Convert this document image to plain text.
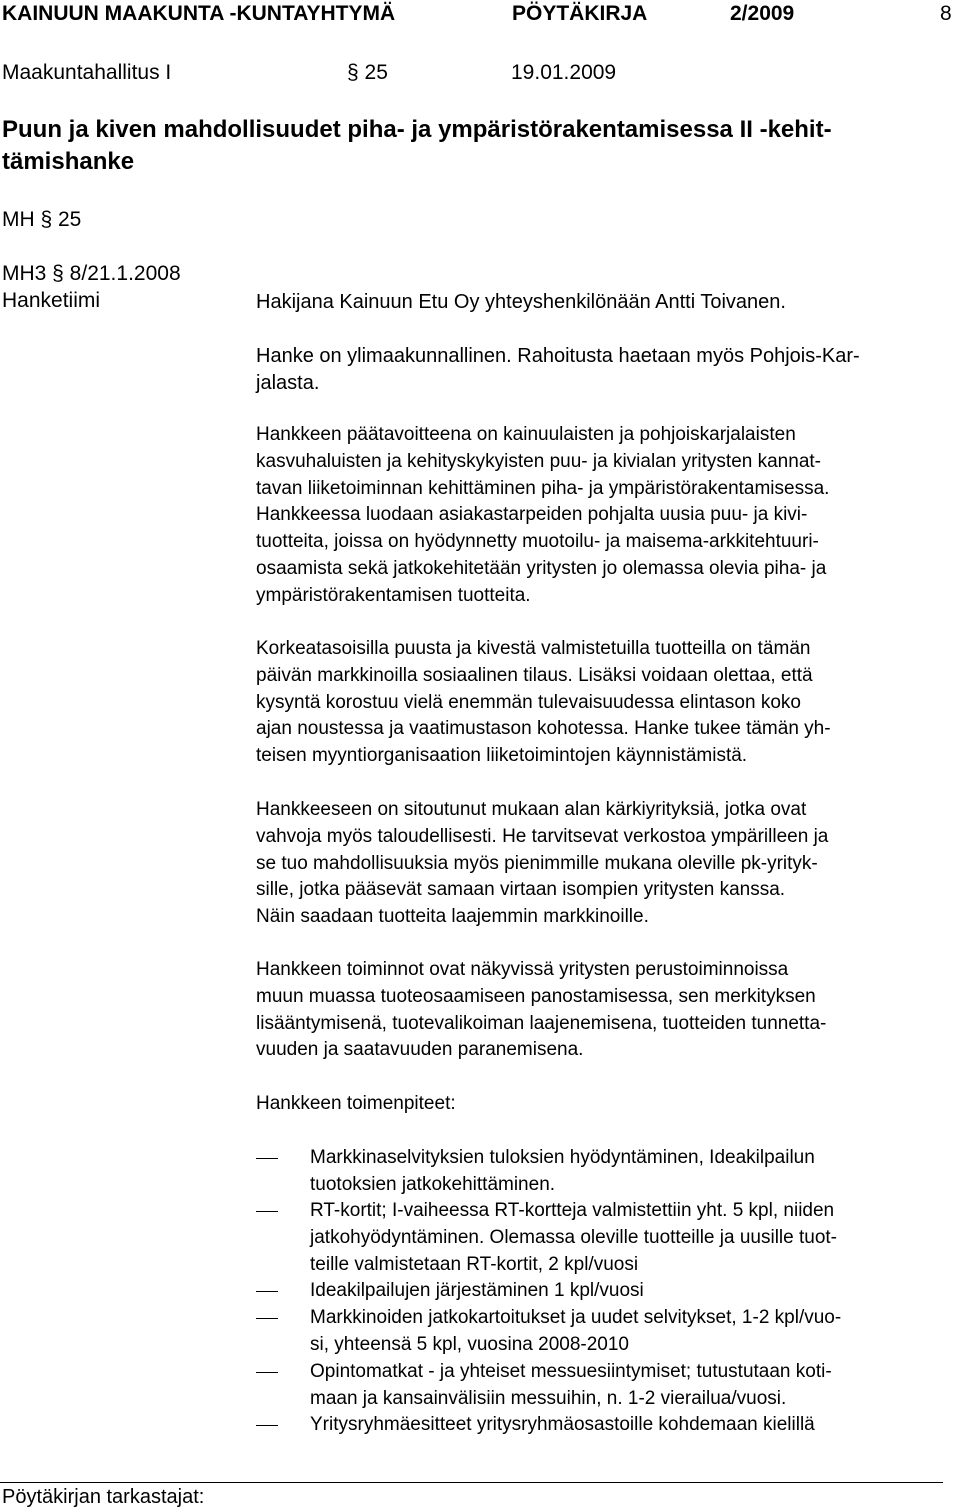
KAINUUN MAAKUNTA -KUNTAYHTYMÄ	PÖYTÄKIRJA	2/2009	8
Maakuntahallitus I	§ 25	19.01.2009
Puun ja kiven mahdollisuudet piha- ja ympäristörakentamisessa II -kehit-
tämishanke
MH § 25
MH3 § 8/21.1.2008
Hanketiimi	Hakijana Kainuun Etu Oy yhteyshenkilönään Antti Toivanen.
Hanke on ylimaakunnallinen. Rahoitusta haetaan myös Pohjois-Kar-
jalasta.
Hankkeen päätavoitteena on kainuulaisten ja pohjoiskarjalaisten
kasvuhaluisten ja kehityskykyisten puu- ja kivialan yritysten kannat-
tavan liiketoiminnan kehittäminen piha- ja ympäristörakentamisessa.
Hankkeessa luodaan asiakastarpeiden pohjalta uusia puu- ja kivi-
tuotteita, joissa on hyödynnetty muotoilu- ja maisema-arkkitehtuuri-
osaamista sekä jatkokehitetään yritysten jo olemassa olevia piha- ja
ympäristörakentamisen tuotteita.
Korkeatasoisilla puusta ja kivestä valmistetuilla tuotteilla on tämän
päivän markkinoilla sosiaalinen tilaus. Lisäksi voidaan olettaa, että
kysyntä korostuu vielä enemmän tulevaisuudessa elintason koko
ajan noustessa ja vaatimustason kohotessa. Hanke tukee tämän yh-
teisen myyntiorganisaation liiketoimintojen käynnistämistä.
Hankkeeseen on sitoutunut mukaan alan kärkiyrityksiä, jotka ovat
vahvoja myös taloudellisesti. He tarvitsevat verkostoa ympärilleen ja
se tuo mahdollisuuksia myös pienimmille mukana oleville pk-yrityk-
sille, jotka pääsevät samaan virtaan isompien yritysten kanssa.
Näin saadaan tuotteita laajemmin markkinoille.
Hankkeen toiminnot ovat näkyvissä yritysten perustoiminnoissa
muun muassa tuoteosaamiseen panostamisessa, sen merkityksen
lisääntymisenä, tuotevalikoiman laajenemisena, tuotteiden tunnetta-
vuuden ja saatavuuden paranemisena.
Hankkeen toimenpiteet:
Markkinaselvityksien tuloksien hyödyntäminen, Ideakilpailun
tuotoksien jatkokehittäminen.
RT-kortit; I-vaiheessa RT-kortteja valmistettiin yht. 5 kpl, niiden
jatkohyödyntäminen. Olemassa oleville tuotteille ja uusille tuot-
teille valmistetaan RT-kortit, 2 kpl/vuosi
Ideakilpailujen järjestäminen 1 kpl/vuosi
Markkinoiden jatkokartoitukset ja uudet selvitykset, 1-2 kpl/vuo-
si, yhteensä 5 kpl, vuosina 2008-2010
Opintomatkat - ja yhteiset messuesiintymiset; tutustutaan koti-
maan ja kansainvälisiin messuihin, n. 1-2 vierailua/vuosi.
Yritysryhmäesitteet yritysryhmäosastoille kohdemaan kielillä
Pöytäkirjan tarkastajat:
